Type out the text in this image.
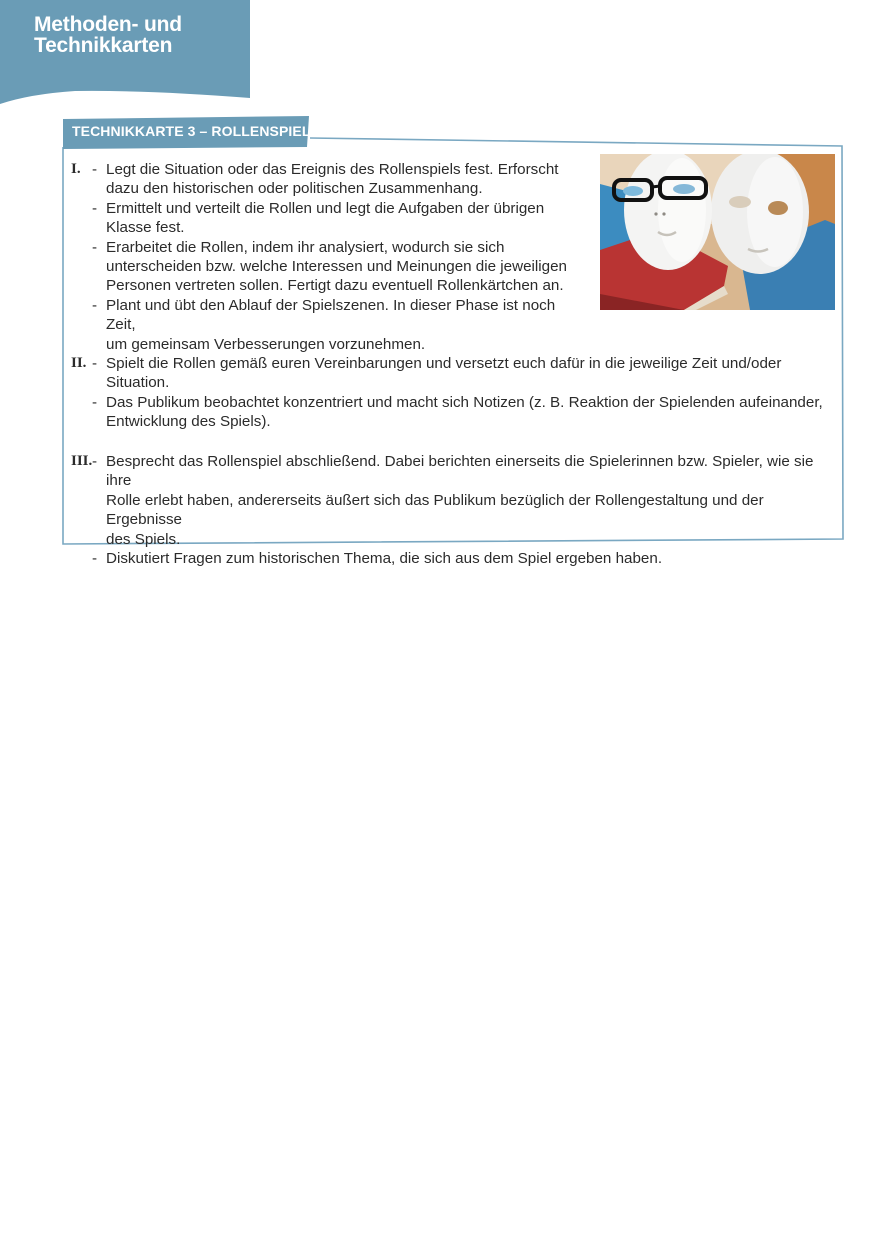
Methoden- und
Technikkarten
TECHNIKKARTE 3 – ROLLENSPIEL
I. - Legt die Situation oder das Ereignis des Rollenspiels fest. Erforscht
dazu den historischen oder politischen Zusammenhang.
- Ermittelt und verteilt die Rollen und legt die Aufgaben der übrigen
Klasse fest.
- Erarbeitet die Rollen, indem ihr analysiert, wodurch sie sich
unterscheiden bzw. welche Interessen und Meinungen die jeweiligen
Personen vertreten sollen. Fertigt dazu eventuell Rollenkärtchen an.
- Plant und übt den Ablauf der Spielszenen. In dieser Phase ist noch Zeit,
um gemeinsam Verbesserungen vorzunehmen.
II. - Spielt die Rollen gemäß euren Vereinbarungen und versetzt euch dafür in die jeweilige Zeit und/oder
Situation.
- Das Publikum beobachtet konzentriert und macht sich Notizen (z. B. Reaktion der Spielenden aufeinander,
Entwicklung des Spiels).
III. - Besprecht das Rollenspiel abschließend. Dabei berichten einerseits die Spielerinnen bzw. Spieler, wie sie ihre
Rolle erlebt haben, andererseits äußert sich das Publikum bezüglich der Rollengestaltung und der Ergebnisse
des Spiels.
- Diskutiert Fragen zum historischen Thema, die sich aus dem Spiel ergeben haben.
